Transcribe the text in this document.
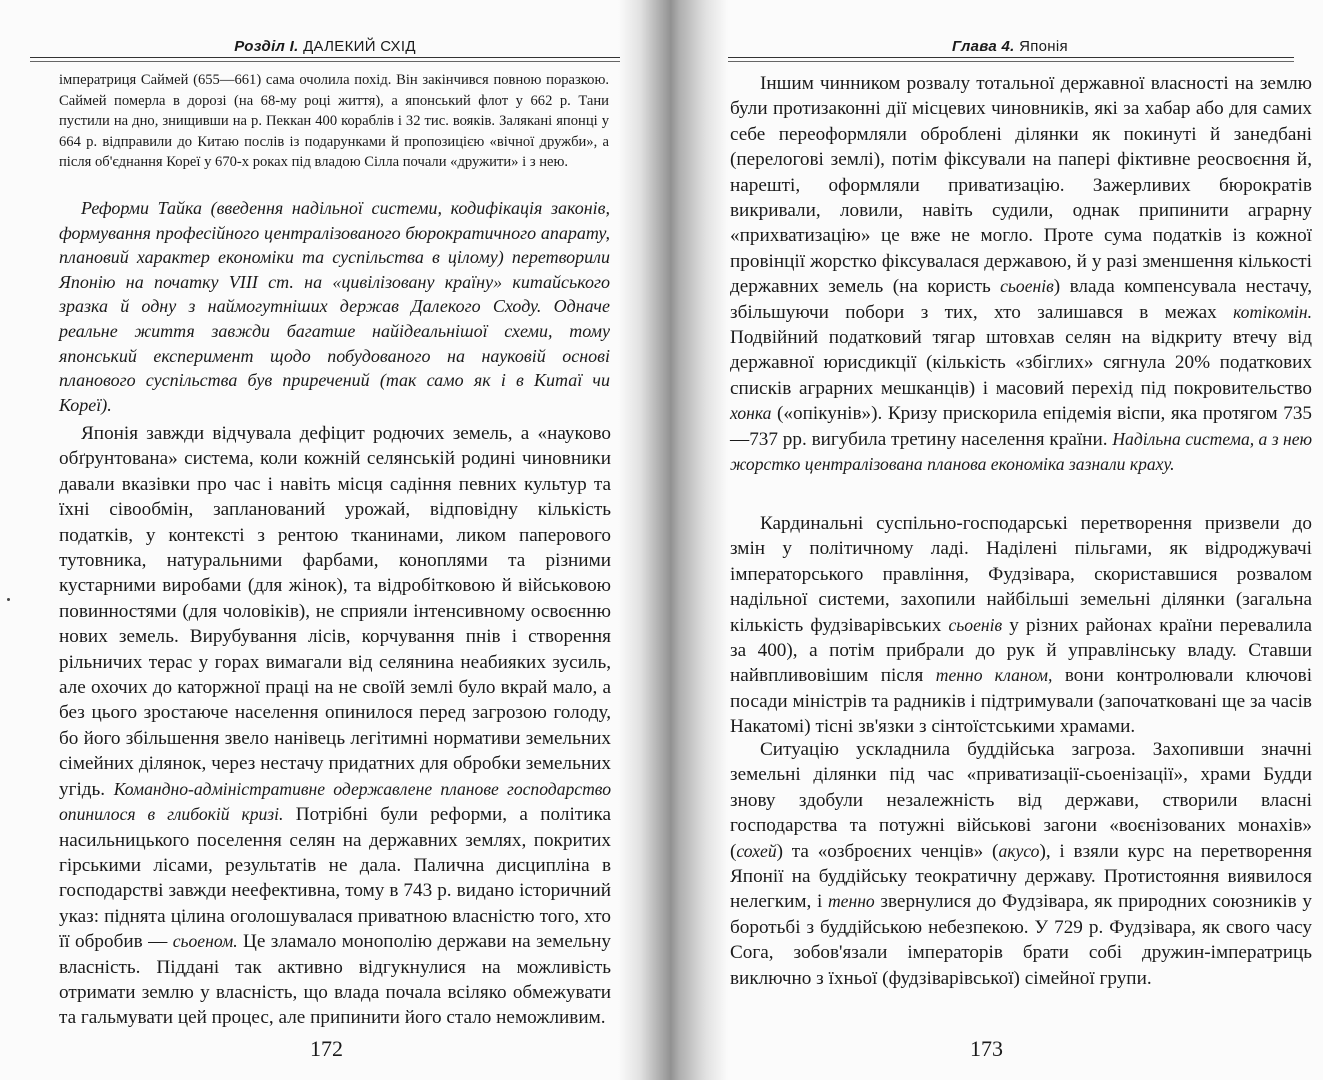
Розділ І. ДАЛЕКИЙ СХІД

імператриця Саймей (655—661) сама очолила похід. Він закінчився повною поразкою. Саймей померла в дорозі (на 68-му році життя), а японський флот у 662 р. Тани пустили на дно, знищивши на р. Пеккан 400 кораблів і 32 тис. вояків. Залякані японці у 664 р. відправили до Китаю послів із подарунками й пропозицією «вічної дружби», а після об'єднання Кореї у 670-х роках під владою Сілла почали «дружити» і з нею.

Реформи Тайка (введення надільної системи, кодифікація законів, формування професійного централізованого бюрократичного апарату, плановий характер економіки та суспільства в цілому) перетворили Японію на початку VIII ст. на «цивілізовану країну» китайського зразка й одну з наймогутніших держав Далекого Сходу. Одначе реальне життя завжди багатше найідеальнішої схеми, тому японський експеримент щодо побудованого на науковій основі планового суспільства був приречений (так само як і в Китаї чи Кореї).

Японія завжди відчувала дефіцит родючих земель, а «науково обґрунтована» система, коли кожній селянській родині чиновники давали вказівки про час і навіть місця садіння певних культур та їхні сівообмін, запланований урожай, відповідну кількість податків, у контексті з рентою тканинами, ликом паперового тутовника, натуральними фарбами, коноплями та різними кустарними виробами (для жінок), та відробітковою й військовою повинностями (для чоловіків), не сприяли інтенсивному освоєнню нових земель. Вирубування лісів, корчування пнів і створення рільничих терас у горах вимагали від селянина неабияких зусиль, але охочих до каторжної праці на не своїй землі було вкрай мало, а без цього зростаюче населення опинилося перед загрозою голоду, бо його збільшення звело нанівець легітимні нормативи земельних сімейних ділянок, через нестачу придатних для обробки земельних угідь. Командно-адміністративне одержавлене планове господарство опинилося в глибокій кризі. Потрібні були реформи, а політика насильницького поселення селян на державних землях, покритих гірськими лісами, результатів не дала. Палична дисципліна в господарстві завжди неефективна, тому в 743 р. видано історичний указ: піднята цілина оголошувалася приватною власністю того, хто її обробив — сьоеном. Це зламало монополію держави на земельну власність. Піддані так активно відгукнулися на можливість отримати землю у власність, що влада почала всіляко обмежувати та гальмувати цей процес, але припинити його стало неможливим.

172
Глава 4. Японія
173

Іншим чинником розвалу тотальної державної власності на землю були протизаконні дії місцевих чиновників, які за хабар або для самих себе переоформляли оброблені ділянки як покинуті й занедбані (перелогові землі), потім фіксували на папері фіктивне реосвоєння й, нарешті, оформляли приватизацію. Зажерливих бюрократів викривали, ловили, навіть судили, однак припинити аграрну «прихватизацію» це вже не могло. Проте сума податків із кожної провінції жорстко фіксувалася державою, й у разі зменшення кількості державних земель (на користь сьоенів) влада компенсувала нестачу, збільшуючи побори з тих, хто залишався в межах котікомін. Подвійний податковий тягар штовхав селян на відкриту втечу від державної юрисдикції (кількість «збіглих» сягнула 20% податкових списків аграрних мешканців) і масовий перехід під покровительство хонка («опікунів»). Кризу прискорила епідемія віспи, яка протягом 735—737 рр. вигубила третину населення країни. Надільна система, а з нею жорстко централізована планова економіка зазнали краху.

Кардинальні суспільно-господарські перетворення призвели до змін у політичному ладі. Наділені пільгами, як відроджувачі імператорського правління, Фудзівара, скориставшися розвалом надільної системи, захопили найбільші земельні ділянки (загальна кількість фудзіварівських сьоенів у різних районах країни перевалила за 400), а потім прибрали до рук й управлінську владу. Ставши найвпливовішим після тенно кланом, вони контролювали ключові посади міністрів та радників і підтримували (започатковані ще за часів Накатомі) тісні зв'язки з сінтоїстськими храмами.

Ситуацію ускладнила буддійська загроза. Захопивши значні земельні ділянки під час «приватизації-сьоенізації», храми Будди знову здобули незалежність від держави, створили власні господарства та потужні військові загони «воєнізованих монахів» (сохей) та «озброєних ченців» (акусо), і взяли курс на перетворення Японії на буддійську теократичну державу. Протистояння виявилося нелегким, і тенно звернулися до Фудзівара, як природних союзників у боротьбі з буддійською небезпекою. У 729 р. Фудзівара, як свого часу Сога, зобов'язали імператорів брати собі дружин-імператриць виключно з їхньої (фудзіварівської) сімейної групи.
